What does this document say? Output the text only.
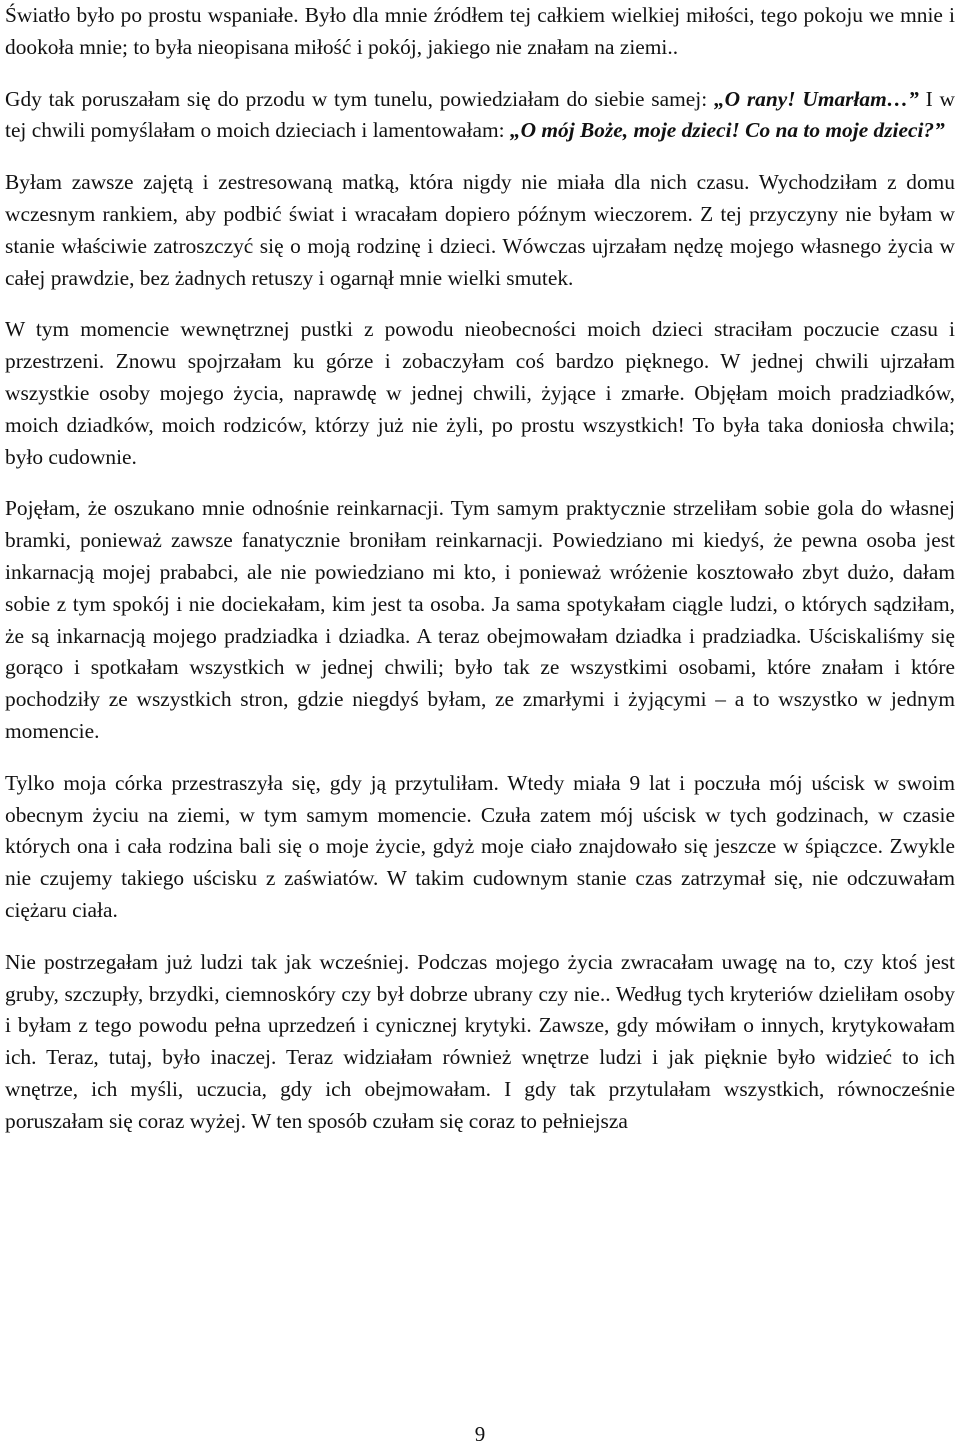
Światło było po prostu wspaniałe. Było dla mnie źródłem tej całkiem wielkiej miłości, tego pokoju we mnie i dookoła mnie; to była nieopisana miłość i pokój, jakiego nie znałam na ziemi..

Gdy tak poruszałam się do przodu w tym tunelu, powiedziałam do siebie samej: „O rany! Umarłam…” I w tej chwili pomyślałam o moich dzieciach i lamentowałam: „O mój Boże, moje dzieci! Co na to moje dzieci?”

Byłam zawsze zajętą i zestresowaną matką, która nigdy nie miała dla nich czasu. Wychodziłam z domu wczesnym rankiem, aby podbić świat i wracałam dopiero późnym wieczorem. Z tej przyczyny nie byłam w stanie właściwie zatroszczyć się o moją rodzinę i dzieci. Wówczas ujrzałam nędzę mojego własnego życia w całej prawdzie, bez żadnych retuszy i ogarnął mnie wielki smutek.

W tym momencie wewnętrznej pustki z powodu nieobecności moich dzieci straciłam poczucie czasu i przestrzeni. Znowu spojrzałam ku górze i zobaczyłam coś bardzo pięknego. W jednej chwili ujrzałam wszystkie osoby mojego życia, naprawdę w jednej chwili, żyjące i zmarłe. Objęłam moich pradziadków, moich dziadków, moich rodziców, którzy już nie żyli, po prostu wszystkich! To była taka doniosła chwila; było cudownie.

Pojęłam, że oszukano mnie odnośnie reinkarnacji. Tym samym praktycznie strzeliłam sobie gola do własnej bramki, ponieważ zawsze fanatycznie broniłam reinkarnacji. Powiedziano mi kiedyś, że pewna osoba jest inkarnacją mojej prababci, ale nie powiedziano mi kto, i ponieważ wróżenie kosztowało zbyt dużo, dałam sobie z tym spokój i nie dociekałam, kim jest ta osoba. Ja sama spotykałam ciągle ludzi, o których sądziłam, że są inkarnacją mojego pradziadka i dziadka. A teraz obejmowałam dziadka i pradziadka. Uściskaliśmy się gorąco i spotkałam wszystkich w jednej chwili; było tak ze wszystkimi osobami, które znałam i które pochodziły ze wszystkich stron, gdzie niegdyś byłam, ze zmarłymi i żyjącymi – a to wszystko w jednym momencie.

Tylko moja córka przestraszyła się, gdy ją przytuliłam. Wtedy miała 9 lat i poczuła mój uścisk w swoim obecnym życiu na ziemi, w tym samym momencie. Czuła zatem mój uścisk w tych godzinach, w czasie których ona i cała rodzina bali się o moje życie, gdyż moje ciało znajdowało się jeszcze w śpiączce. Zwykle nie czujemy takiego uścisku z zaświatów. W takim cudownym stanie czas zatrzymał się, nie odczuwałam ciężaru ciała.

Nie postrzegałam już ludzi tak jak wcześniej. Podczas mojego życia zwracałam uwagę na to, czy ktoś jest gruby, szczupły, brzydki, ciemnoskóry czy był dobrze ubrany czy nie.. Według tych kryteriów dzieliłam osoby i byłam z tego powodu pełna uprzedzeń i cynicznej krytyki. Zawsze, gdy mówiłam o innych, krytykowałam ich. Teraz, tutaj, było inaczej. Teraz widziałam również wnętrze ludzi i jak pięknie było widzieć to ich wnętrze, ich myśli, uczucia, gdy ich obejmowałam. I gdy tak przytulałam wszystkich, równocześnie poruszałam się coraz wyżej. W ten sposób czułam się coraz to pełniejsza

9
